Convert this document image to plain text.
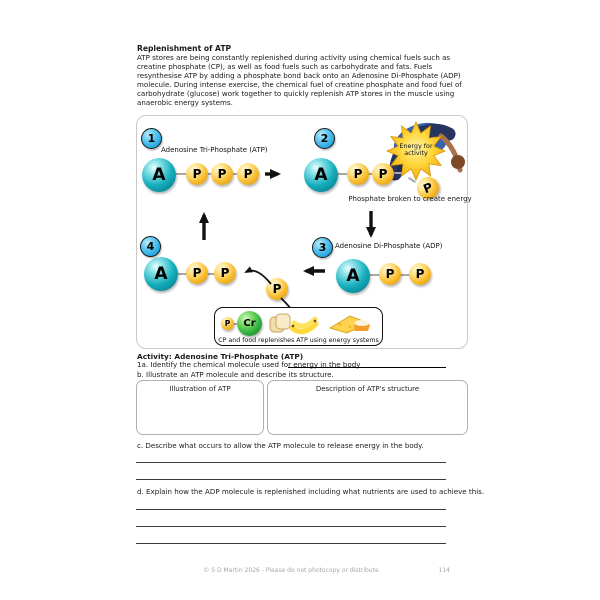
Replenishment of ATP
ATP stores are being constantly replenished during activity using chemical fuels such as creatine phosphate (CP), as well as food fuels such as carbohydrate and fats. Fuels resynthesise ATP by adding a phosphate bond back onto an Adenosine Di-Phosphate (ADP) molecule. During intense exercise, the chemical fuel of creatine phosphate and food fuel of carbohydrate (glucose) work together to quickly replenish ATP stores in the muscle using anaerobic energy systems.
1	2
3
4
Adenosine Tri-Phosphate (ATP)
Adenosine Di-Phosphate (ADP)
Energy for activity
A	P	P	P	A	P	P
P
Phosphate broken to create energy
A	P	P
A	P	P
P
P	Cr
CP and food replenishes ATP using energy systems
Activity: Adenosine Tri-Phosphate (ATP)
1a. Identify the chemical molecule used for energy in the body
b. Illustrate an ATP molecule and describe its structure.
Illustration of ATP	Description of ATP's structure
c. Describe what occurs to allow the ATP molecule to release energy in the body.
d. Explain how the ADP molecule is replenished including what nutrients are used to achieve this.
© S D Martin 2026 - Please do not photocopy or distribute	114
